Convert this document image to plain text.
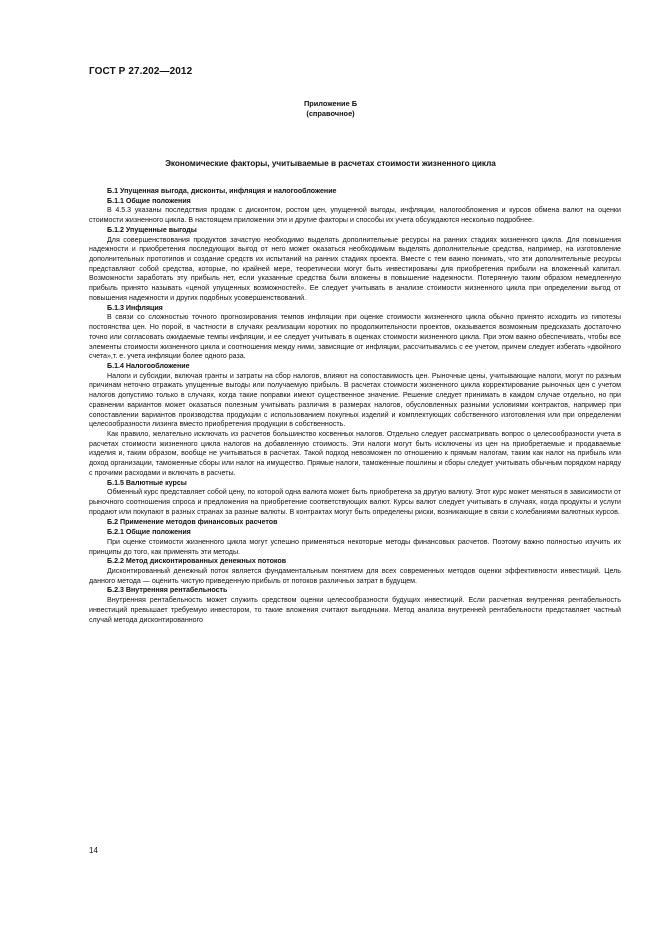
ГОСТ Р 27.202—2012
Приложение Б
(справочное)
Экономические факторы, учитываемые в расчетах стоимости жизненного цикла
Б.1 Упущенная выгода, дисконты, инфляция и налогообложение
Б.1.1 Общие положения

В 4.5.3 указаны последствия продаж с дисконтом, ростом цен, упущенной выгоды, инфляции, налогообложения и курсов обмена валют на оценки стоимости жизненного цикла. В настоящем приложении эти и другие факторы и способы их учета обсуждаются несколько подробнее.

Б.1.2 Упущенные выгоды

Для совершенствования продуктов зачастую необходимо выделять дополнительные ресурсы на ранних стадиях жизненного цикла. Для повышения надежности и приобретения последующих выгод от него может оказаться необходимым выделять дополнительные средства, например, на изготовление дополнительных прототипов и создание средств их испытаний на ранних стадиях проекта. Вместе с тем важно понимать, что эти дополнительные ресурсы представляют собой средства, которые, по крайней мере, теоретически могут быть инвестированы для приобретения прибыли на вложенный капитал. Возможности заработать эту прибыль нет, если указанные средства были вложены в повышение надежности. Потерянную таким образом немедленную прибыль принято называть «ценой упущенных возможностей». Ее следует учитывать в анализе стоимости жизненного цикла при определении выгод от повышения надежности и других подобных усовершенствований.

Б.1.3 Инфляция

В связи со сложностью точного прогнозирования темпов инфляции при оценке стоимости жизненного цикла обычно принято исходить из гипотезы постоянства цен. Но порой, в частности в случаях реализации коротких по продолжительности проектов, оказывается возможным предсказать достаточно точно или согласовать ожидаемые темпы инфляции, и ее следует учитывать в оценках стоимости жизненного цикла. При этом важно обеспечивать, чтобы все элементы стоимости жизненного цикла и соотношения между ними, зависящие от инфляции, рассчитывались с ее учетом, причем следует избегать «двойного счета»,т. е. учета инфляции более одного раза.

Б.1.4 Налогообложение

Налоги и субсидии, включая гранты и затраты на сбор налогов, влияют на сопоставимость цен. Рыночные цены, учитывающие налоги, могут по разным причинам неточно отражать упущенные выгоды или получаемую прибыль. В расчетах стоимости жизненного цикла корректирование рыночных цен с учетом налогов допустимо только в случаях, когда такие поправки имеют существенное значение. Решение следует принимать в каждом случае отдельно, но при сравнении вариантов может оказаться полезным учитывать различия в размерах налогов, обусловленных разными условиями контрактов, например при сопоставлении вариантов производства продукции с использованием покупных изделий и комплектующих собственного изготовления или при определении целесообразности лизинга вместо приобретения продукции в собственность.

Как правило, желательно исключать из расчетов большинство косвенных налогов. Отдельно следует рассматривать вопрос о целесообразности учета в расчетах стоимости жизненного цикла налогов на добавленную стоимость. Эти налоги могут быть исключены из цен на приобретаемые и продаваемые изделия и, таким образом, вообще не учитываться в расчетах. Такой подход невозможен по отношению к прямым налогам, таким как налог на прибыль или доход организации, таможенные сборы или налог на имущество. Прямые налоги, таможенные пошлины и сборы следует учитывать обычным порядком наряду с прочими расходами и включать в расчеты.

Б.1.5 Валютные курсы

Обменный курс представляет собой цену, по которой одна валюта может быть приобретена за другую валюту. Этот курс может меняться в зависимости от рыночного соотношения спроса и предложения на приобретение соответствующих валют. Курсы валют следует учитывать в случаях, когда продукты и услуги продают или покупают в разных странах за разные валюты. В контрактах могут быть определены риски, возникающие в связи с колебаниями валютных курсов.

Б.2 Применение методов финансовых расчетов
Б.2.1 Общие положения

При оценке стоимости жизненного цикла могут успешно применяться некоторые методы финансовых расчетов. Поэтому важно полностью изучить их принципы до того, как применять эти методы.

Б.2.2 Метод дисконтированных денежных потоков

Дисконтированный денежный поток является фундаментальным понятием для всех современных методов оценки эффективности инвестиций. Цель данного метода — оценить чистую приведенную прибыль от потоков различных затрат в будущем.

Б.2.3 Внутренняя рентабельность

Внутренняя рентабельность может служить средством оценки целесообразности будущих инвестиций. Если расчетная внутренняя рентабельность инвестиций превышает требуемую инвестором, то такие вложения считают выгодными. Метод анализа внутренней рентабельности представляет частный случай метода дисконтированного

14
